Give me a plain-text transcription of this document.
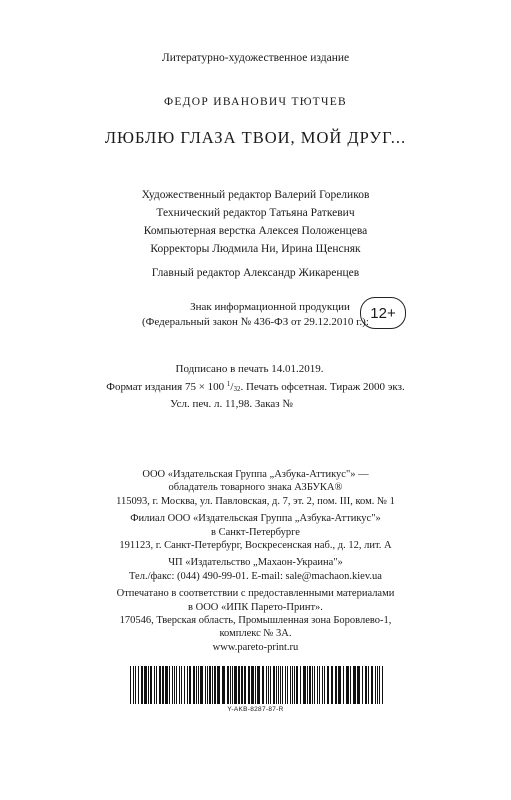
Литературно-художественное издание
ФЕДОР ИВАНОВИЧ ТЮТЧЕВ
ЛЮБЛЮ ГЛАЗА ТВОИ, МОЙ ДРУГ...
Художественный редактор Валерий Гореликов
Технический редактор Татьяна Раткевич
Компьютерная верстка Алексея Положенцева
Корректоры Людмила Ни, Ирина Щенсняк
Главный редактор Александр Жикаренцев
Знак информационной продукции
(Федеральный закон № 436-ФЗ от 29.12.2010 г.):
12+
Подписано в печать 14.01.2019.
Формат издания 75 × 100 $^1/_{32}$. Печать офсетная. Тираж 2000 экз.
Усл. печ. л. 11,98. Заказ №
ООО «Издательская Группа „Азбука-Аттикус"» —
обладатель товарного знака АЗБУКА®
115093, г. Москва, ул. Павловская, д. 7, эт. 2, пом. III, ком. № 1
Филиал ООО «Издательская Группа „Азбука-Аттикус"»
в Санкт-Петербурге
191123, г. Санкт-Петербург, Воскресенская наб., д. 12, лит. А
ЧП «Издательство „Махаон-Украина"»
Тел./факс: (044) 490-99-01. E-mail: sale@machaon.kiev.ua
Отпечатано в соответствии с предоставленными материалами
в ООО «ИПК Парето-Принт».
170546, Тверская область, Промышленная зона Боровлево-1,
комплекс № 3А.
www.pareto-print.ru
Y-AKB-8287-87-R
